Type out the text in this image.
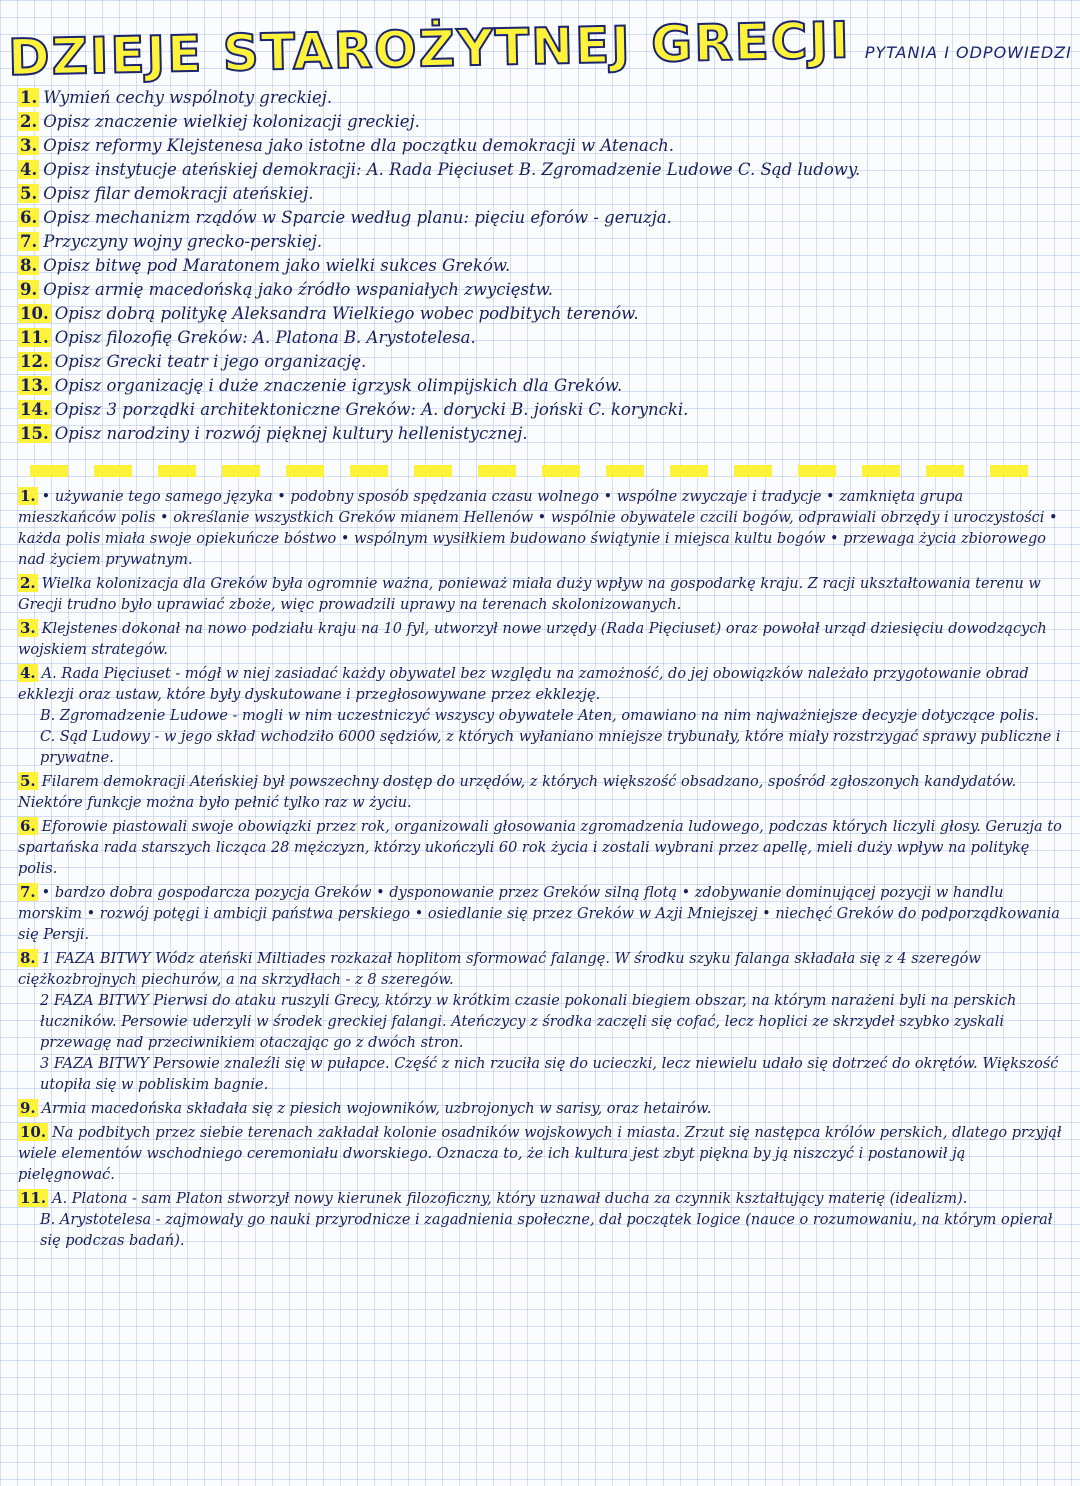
DZIEJE STAROŻYTNEJ GRECJI PYTANIA I ODPOWIEDZI
1. Wymień cechy wspólnoty greckiej.
2. Opisz znaczenie wielkiej kolonizacji greckiej.
3. Opisz reformy Klejstenesa jako istotne dla początku demokracji w Atenach.
4. Opisz instytucje ateńskiej demokracji: A. Rada Pięciuset B. Zgromadzenie Ludowe C. Sąd ludowy.
5. Opisz filar demokracji ateńskiej.
6. Opisz mechanizm rządów w Sparcie według planu: pięciu eforów - geruzja.
7. Przyczyny wojny grecko-perskiej.
8. Opisz bitwę pod Maratonem jako wielki sukces Greków.
9. Opisz armię macedońską jako źródło wspaniałych zwycięstw.
10. Opisz dobrą politykę Aleksandra Wielkiego wobec podbitych terenów.
11. Opisz filozofię Greków: A. Platona B. Arystotelesa.
12. Opisz Grecki teatr i jego organizację.
13. Opisz organizację i duże znaczenie igrzysk olimpijskich dla Greków.
14. Opisz 3 porządki architektoniczne Greków: A. dorycki B. joński C. koryncki.
15. Opisz narodziny i rozwój pięknej kultury hellenistycznej.

1. • używanie tego samego języka • podobny sposób spędzania czasu wolnego • wspólne zwyczaje i tradycje • zamknięta grupa mieszkańców polis • określanie wszystkich Greków mianem Hellenów • wspólnie obywatele czcili bogów, odprawiali obrzędy i uroczystości • każda polis miała swoje opiekuńcze bóstwo • wspólnym wysiłkiem budowano świątynie i miejsca kultu bogów • przewaga życia zbiorowego nad życiem prywatnym.

2. Wielka kolonizacja dla Greków była ogromnie ważna, ponieważ miała duży wpływ na gospodarkę kraju. Z racji ukształtowania terenu w Grecji trudno było uprawiać zboże, więc prowadzili uprawy na terenach skolonizowanych.

3. Klejstenes dokonał na nowo podziału kraju na 10 fyl, utworzył nowe urzędy (Rada Pięciuset) oraz powołał urząd dziesięciu dowodzących wojskiem strategów.

4. A. Rada Pięciuset - mógł w niej zasiadać każdy obywatel bez względu na zamożność, do jej obowiązków należało przygotowanie obrad ekklezji oraz ustaw, które były dyskutowane i przegłosowywane przez ekklezję.
B. Zgromadzenie Ludowe - mogli w nim uczestniczyć wszyscy obywatele Aten, omawiano na nim najważniejsze decyzje dotyczące polis.
C. Sąd Ludowy - w jego skład wchodziło 6000 sędziów, z których wyłaniano mniejsze trybunały, które miały rozstrzygać sprawy publiczne i prywatne.

5. Filarem demokracji Ateńskiej był powszechny dostęp do urzędów, z których większość obsadzano, spośród zgłoszonych kandydatów. Niektóre funkcje można było pełnić tylko raz w życiu.

6. Eforowie piastowali swoje obowiązki przez rok, organizowali głosowania zgromadzenia ludowego, podczas których liczyli głosy. Geruzja to spartańska rada starszych licząca 28 mężczyzn, którzy ukończyli 60 rok życia i zostali wybrani przez apellę, mieli duży wpływ na politykę polis.

7. • bardzo dobra gospodarcza pozycja Greków • dysponowanie przez Greków silną flotą • zdobywanie dominującej pozycji w handlu morskim • rozwój potęgi i ambicji państwa perskiego • osiedlanie się przez Greków w Azji Mniejszej • niechęć Greków do podporządkowania się Persji.

8. 1 FAZA BITWY Wódz ateński Miltiades rozkazał hoplitom sformować falangę. W środku szyku falanga składała się z 4 szeregów ciężkozbrojnych piechurów, a na skrzydłach - z 8 szeregów.
2 FAZA BITWY Pierwsi do ataku ruszyli Grecy, którzy w krótkim czasie pokonali biegiem obszar, na którym narażeni byli na perskich łuczników. Persowie uderzyli w środek greckiej falangi. Ateńczycy z środka zaczęli się cofać, lecz hoplici ze skrzydeł szybko zyskali przewagę nad przeciwnikiem otaczając go z dwóch stron.
3 FAZA BITWY Persowie znaleźli się w pułapce. Część z nich rzuciła się do ucieczki, lecz niewielu udało się dotrzeć do okrętów. Większość utopiła się w pobliskim bagnie.

9. Armia macedońska składała się z piesich wojowników, uzbrojonych w sarisy, oraz hetairów.

10. Na podbitych przez siebie terenach zakładał kolonie osadników wojskowych i miasta. Zrzut się następca królów perskich, dlatego przyjął wiele elementów wschodniego ceremoniału dworskiego. Oznacza to, że ich kultura jest zbyt piękna by ją niszczyć i postanowił ją pielęgnować.

11. A. Platona - sam Platon stworzył nowy kierunek filozoficzny, który uznawał ducha za czynnik kształtujący materię (idealizm).
B. Arystotelesa - zajmowały go nauki przyrodnicze i zagadnienia społeczne, dał początek logice (nauce o rozumowaniu, na którym opierał się podczas badań).
